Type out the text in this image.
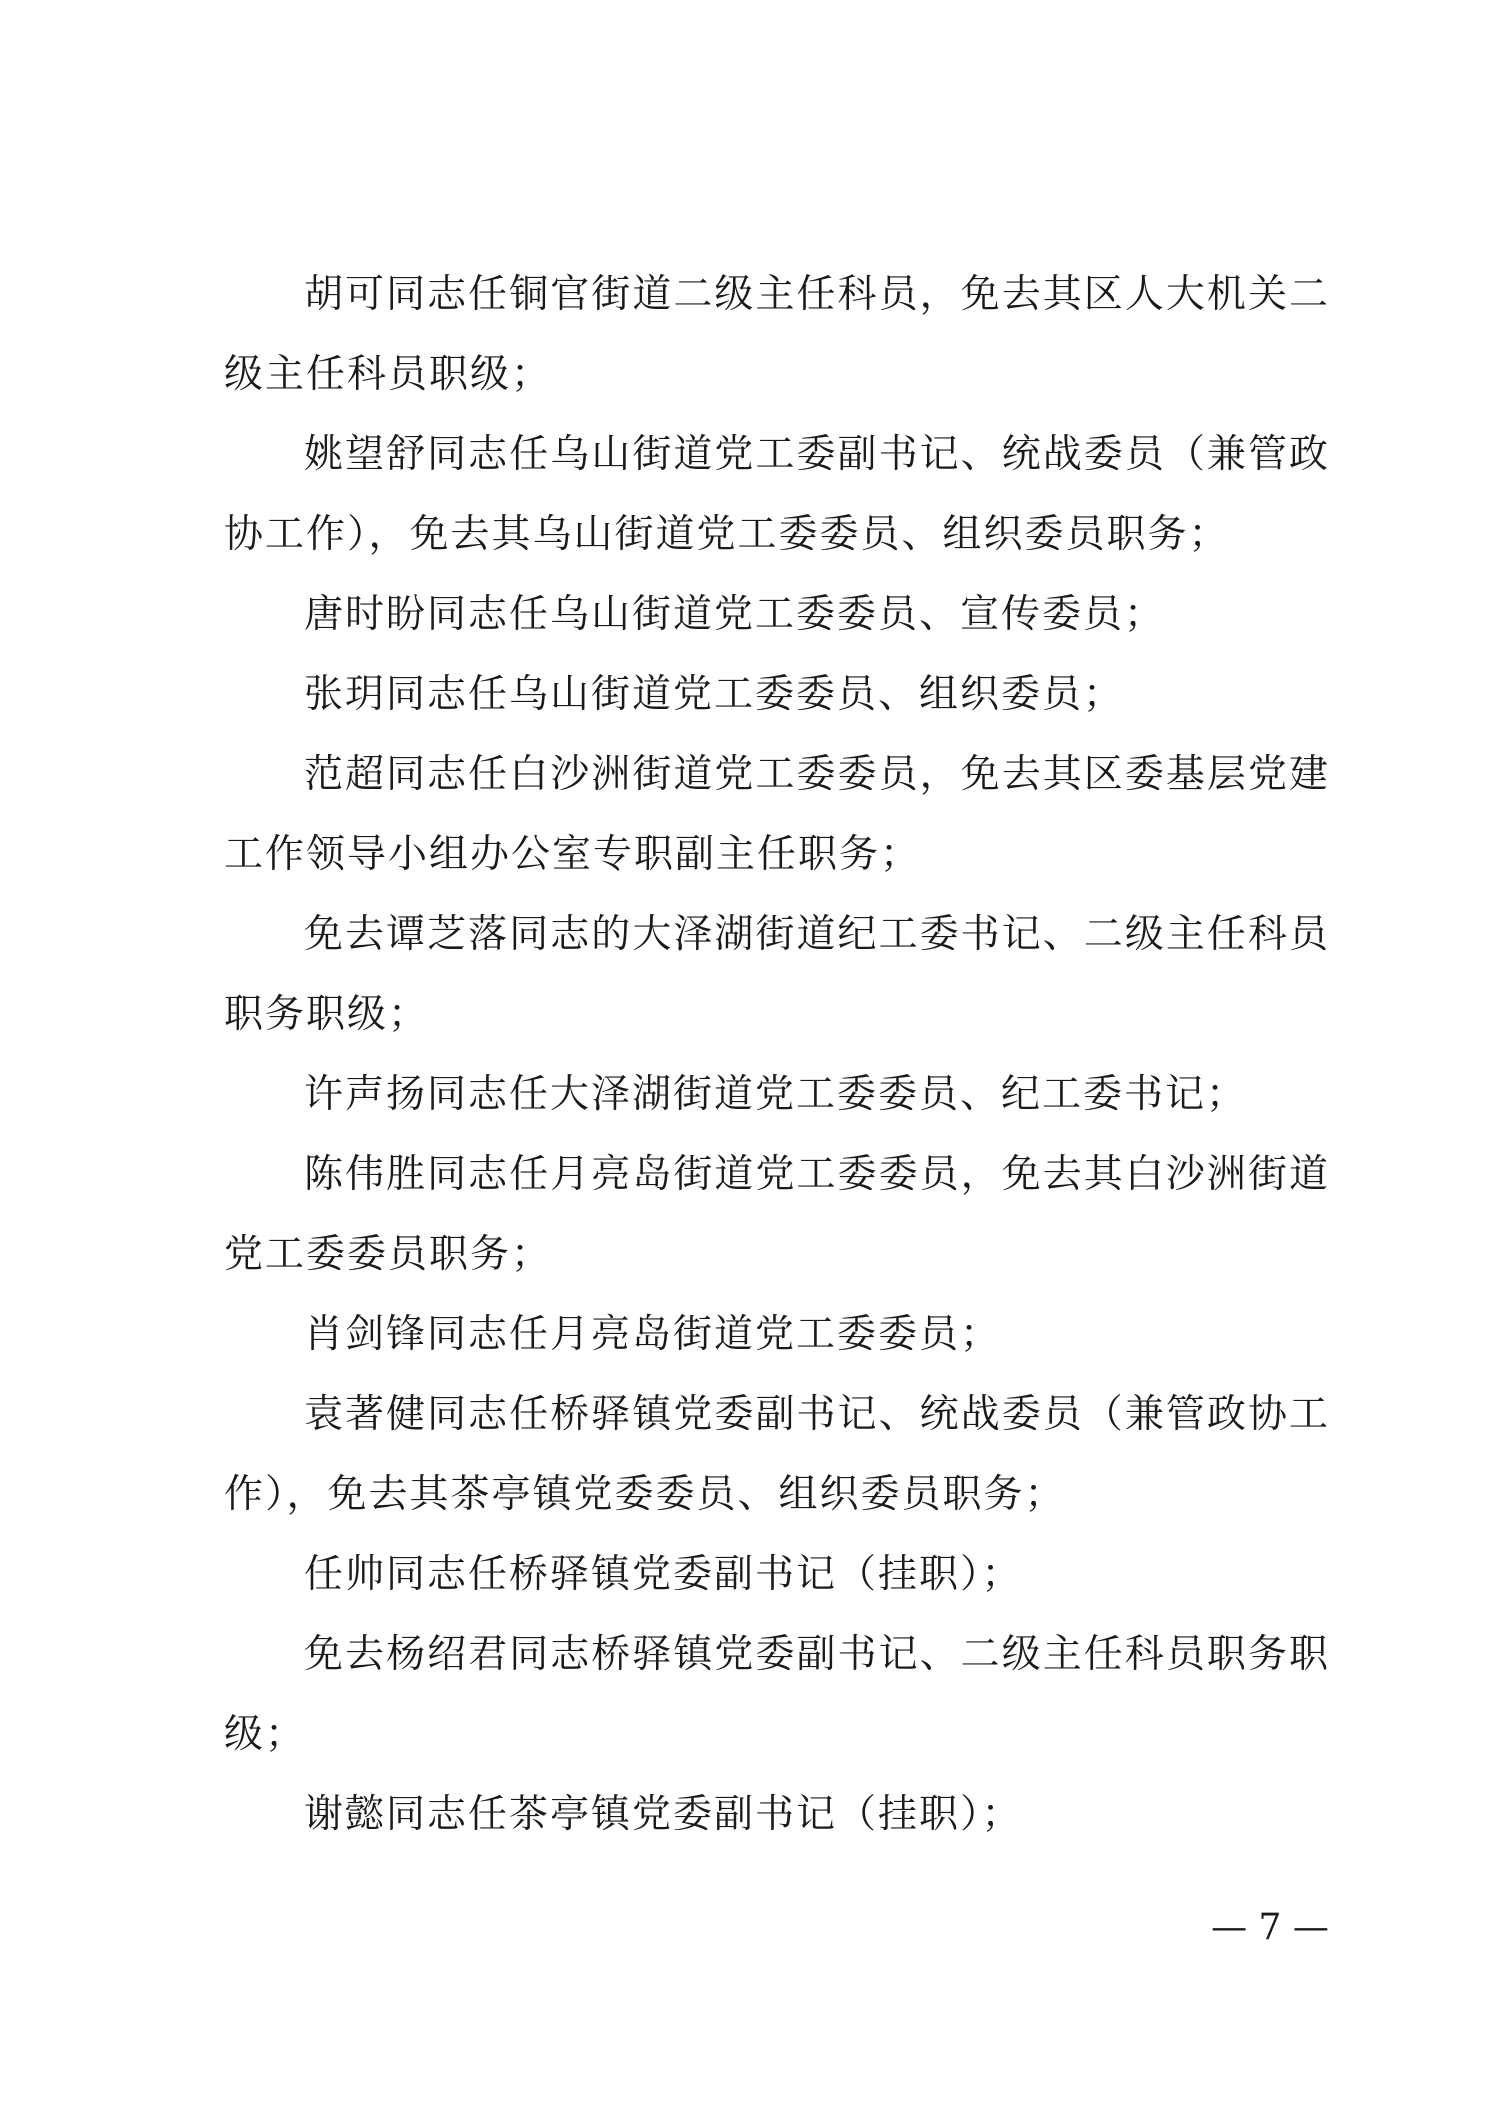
胡可同志任铜官街道二级主任科员，免去其区人大机关二级主任科员职级；

姚望舒同志任乌山街道党工委副书记、统战委员（兼管政协工作），免去其乌山街道党工委委员、组织委员职务；

唐时盼同志任乌山街道党工委委员、宣传委员；

张玥同志任乌山街道党工委委员、组织委员；

范超同志任白沙洲街道党工委委员，免去其区委基层党建工作领导小组办公室专职副主任职务；

免去谭芝落同志的大泽湖街道纪工委书记、二级主任科员职务职级；

许声扬同志任大泽湖街道党工委委员、纪工委书记；

陈伟胜同志任月亮岛街道党工委委员，免去其白沙洲街道党工委委员职务；

肖剑锋同志任月亮岛街道党工委委员；

袁著健同志任桥驿镇党委副书记、统战委员（兼管政协工作），免去其茶亭镇党委委员、组织委员职务；

任帅同志任桥驿镇党委副书记（挂职）；

免去杨绍君同志桥驿镇党委副书记、二级主任科员职务职级；

谢懿同志任茶亭镇党委副书记（挂职）；

— 7 —
